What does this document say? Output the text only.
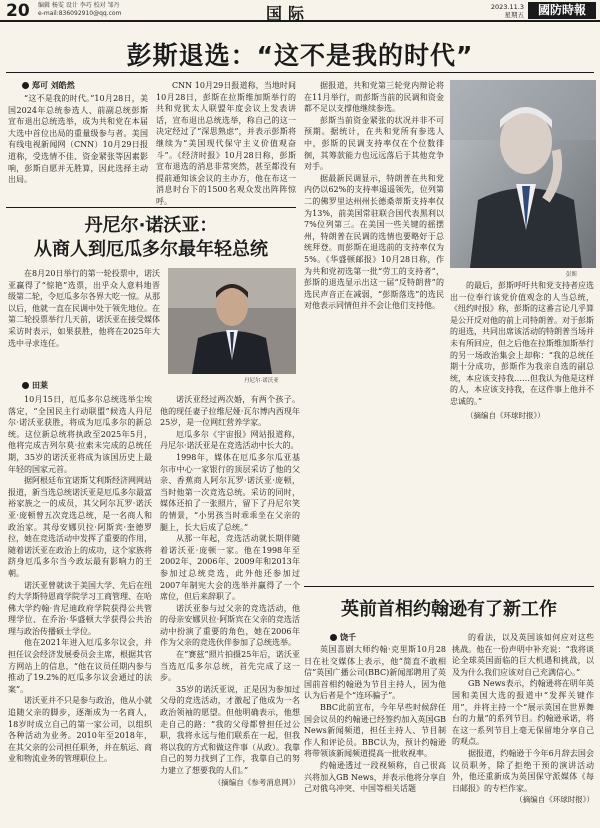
20 编辑 杨雯 设计 李巧 校对 邹丹
e-mail:836092910@qq.com	国际	2023.11.3
星期五	國防時報
彭斯退选：“这不是我的时代”
郑可 刘皓然

“这不是我的时代。”10月28日，美国2024年总统参选人、前副总统彭斯宣布退出总统选举，成为共和党在本届大选中首位出局的重量级参与者。美国有线电视新闻网（CNN）10月29日报道称，受选情不佳、资金紧张等因素影响，彭斯自愿并无胜算，因此选择主动出局。

CNN 10月29日报道称，当地时间10月28日，彭斯在拉斯维加斯举行的共和党犹太人联盟年度会议上发表讲话，宣布退出总统选举，称自己的这一决定经过了“深思熟虑”，并表示彭斯将继续为“美国现代保守主义价值观奋斗”。《经济时报》10月28日称，彭斯宣布退选的消息非常突然，甚至都没有提前通知该会议的主办方，他在布这一消息时台下的1500名观众发出阵阵惊呼。

据报道，共和党第三轮党内辩论将在11月举行，而彭斯当前的民调和资金都不足以支撑他继续参选。

彭斯当前资金紧张的状况并非不可预期。据统计，在共和党所有参选人中，彭斯的民调支持率仅在个位数徘徊，其筹款能力也远远落后于其他竞争对手。

据最新民调显示，特朗普在共和党内仍以62%的支持率遥遥领先，位列第二的佛罗里达州州长德桑蒂斯支持率仅为13%，前美国常驻联合国代表黑利以7%位列第三。在美国一些关键的摇摆州，特朗普在民调的选情也要略好于总统拜登。而彭斯在退选前的支持率仅为5%。《华盛顿邮报》10月28日称，作为共和党初选第一批“劳工的支持者”，彭斯的退选显示出这一届“反特朗普”的选民声音正在减弱，“彭斯落选”的选民对他表示同情但并不会让他们支持他。

彭斯

的最后，彭斯呼吁共和党支持者应选出一位奉行该党价值观念的人当总统，《纽约时报》称，彭斯的这番言论几乎算是公开反对他的前上司特朗普。对于彭斯的退选，共同出席该活动的特朗普当场并未有所回应，但之后他在拉斯维加斯举行的另一场政治集会上却称：“我的总统任期十分成功，彭斯作为我亲自选的副总统，本应该支持我……但我认为他是这样的人，本应该支持我，在这件事上他并不忠诚的。”

（摘编自《环球时报》）

丹尼尔·诺沃亚：
从商人到厄瓜多尔最年轻总统
丹尼尔·诺沃亚
田莱

在8月20日举行的第一轮投票中，诺沃亚赢得了“惊艳”选票，出乎众人意料地晋级第二轮，令厄瓜多尔各界大吃一惊。从那以后，他就一直在民调中处于领先地位。在第二轮投票举行几天前，诺沃亚在接受媒体采访时表示，如果获胜，他将在2025年大选中寻求连任。

10月15日，厄瓜多尔总统选举尘埃落定，“全国民主行动联盟”候选人丹尼尔·诺沃亚获胜，将成为厄瓜多尔的新总统。这位新总统将执政至2025年5月，他将完成吉列尔莫·拉索未完成的总统任期，35岁的诺沃亚将成为该国历史上最年轻的国家元首。

据阿根廷布宜诺斯艾利斯经济网网站报道，新当选总统诺沃亚是厄瓜多尔最富裕家族之一的成员，其父阿尔瓦罗·诺沃亚·庞顿曾五次竞选总统，是一名商人和政治家。其母安娜贝拉·阿斯宾·奎德罗拉，她在竞选活动中发挥了重要的作用，随着诺沃亚在政治上的成功，这个家族将跻身厄瓜多尔当今政坛最有影响力的王朝。

诺沃亚曾就读于美国大学、先后在纽约大学斯特恩商学院学习工商管理、在哈佛大学约翰·肯尼迪政府学院获得公共管理学位、在乔治·华盛顿大学获得公共治理与政治传播硕士学位。

他在2021年进入厄瓜多尔议会，并担任议会经济发展委员会主席，根据其官方网站上的信息，“他在议员任期内参与推动了19.2%的厄瓜多尔议会通过的法案”。

诺沃亚并不只是参与政治，他从小就追随父亲的脚步，逐渐成为一名商人，18岁时成立自己的第一家公司，以组织各种活动为业务。2010年至2018年，在其父亲的公司担任职务，并在航运、商业和物流业务的管理职位上。

诺沃亚经过两次婚，有两个孩子。他的现任妻子拉维尼娅·瓦尔博内西现年25岁，是一位网红营养学家。

厄瓜多尔《宇宙报》网站报道称，丹尼尔·诺沃亚是在竞选活动中长大的。

1998年，媒体在厄瓜多尔瓜亚基尔市中心一家银行的顶层采访了他的父亲、香蕉商人阿尔瓦罗·诺沃亚·庞顿，当时他第一次竞选总统。采访的同时，媒体还拍了一张照片，留下了丹尼尔笑的情景，“小男孩当时乖乖坐在父亲的腿上，长大后成了总统。”

从那一年起，竞选活动就长期伴随着诺沃亚·庞顿一家。他在1998年至2002年、2006年、2009年和2013年参加过总统竞选，此外他还参加过2007年制宪大会的选举并赢得了一个席位，但后来辞职了。

诺沃亚参与过父亲的竞选活动，他的母亲安娜贝拉·阿斯宾在父亲的竞选活动中扮演了重要的角色，她在2006年作为父亲的竞选伙伴参加了总统选举。

在“赛兹”照片拍摄25年后，诺沃亚当选厄瓜多尔总统，首先完成了这一步。

35岁的诺沃亚说，正是因为参加过父母的竞选活动，才激起了他成为一名政治领袖的愿望。但他明确表示，他想走自己的路：“我的父母都曾担任过公职，我将永远与他们联系在一起，但我将以我的方式和做这件事（从政）。我靠自己的努力找到了工作，我靠自己的努力建立了想要我的人们。”

（摘编自《参考消息网》）

英前首相约翰逊有了新工作
饶千

英国喜剧大师约翰·克里斯10月28日在社交媒体上表示，他“简直不敢相信”英国广播公司(BBC)新闻部聘用了英国前首相约翰逊为节目主持人，因为他认为后者是个“连环骗子”。

BBC此前宣布，今年早些时候辞任国会议员的约翰逊已经签约加入英国GB News新闻频道，担任主持人、节目制作人和评论员。BBC认为，预计约翰逊将带领该新闻频道提高一批收视率。

约翰逊透过一段视频称，自己很高兴将加入GB News，并表示他将分享自己对俄乌冲突、中国等相关话题

的看法，以及英国该如何应对这些挑战。他在一份声明中补充说：“我将谈论全球英国面临的巨大机遇和挑战，以及为什么我们应该对自己充满信心。”

GB News表示，约翰逊将在明年英国和美国大选的报道中“发挥关键作用”，并将主持一个“展示英国在世界舞台的力量”的系列节目。约翰逊承诺，将在这一系列节目上毫无保留地分享自己的观点。

据报道，约翰逊于今年6月辞去国会议员职务，除了拒绝干预的演讲活动外，他还重新成为英国保守派媒体《每日邮报》的专栏作家。

（摘编自《环球时报》）
